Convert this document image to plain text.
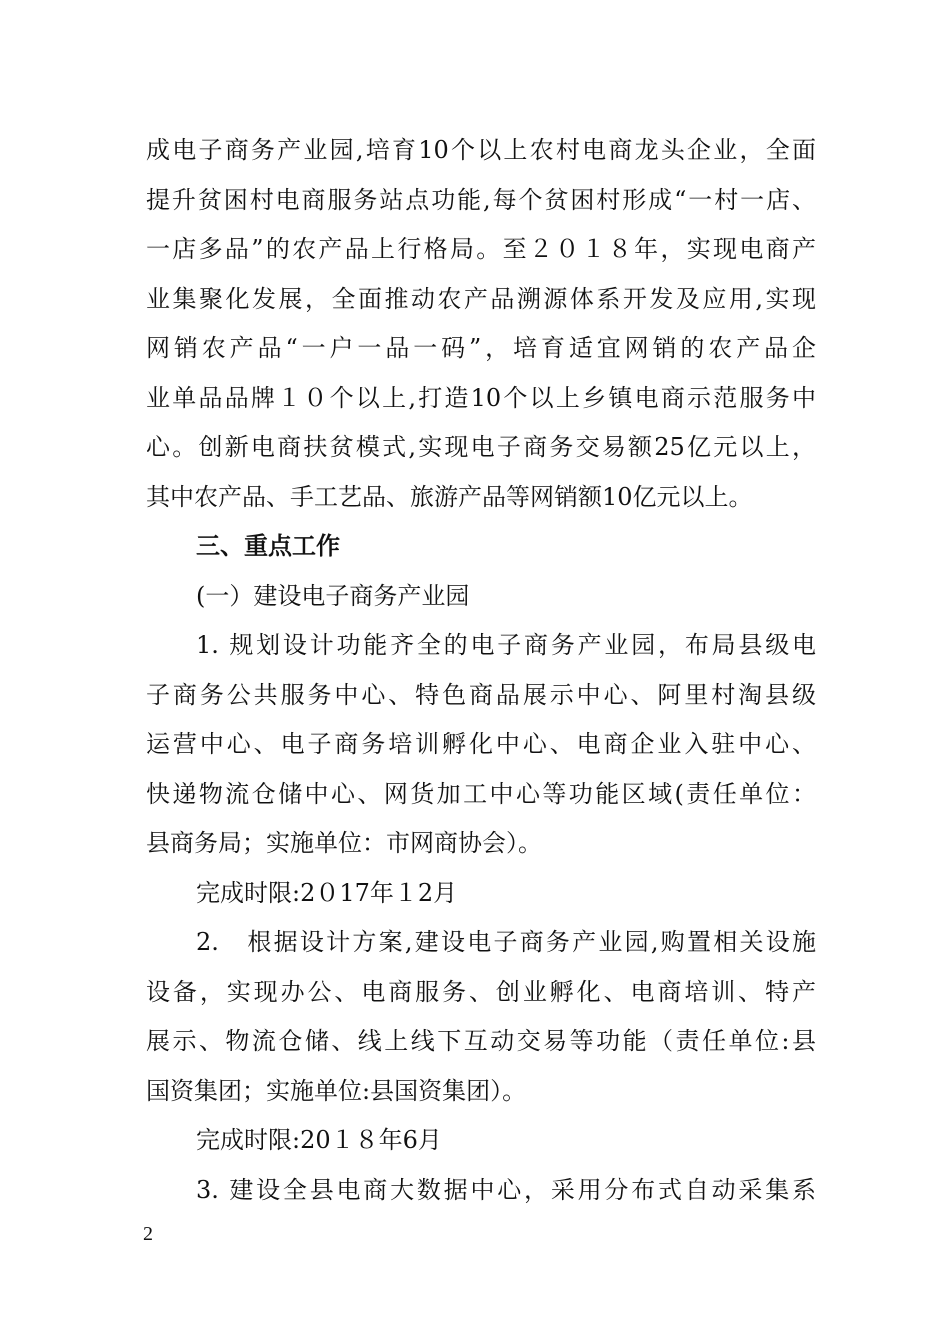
成电子商务产业园,培育10个以上农村电商龙头企业，全面
提升贫困村电商服务站点功能,每个贫困村形成“一村一店、
一店多品”的农产品上行格局。至２０１８年，实现电商产
业集聚化发展，全面推动农产品溯源体系开发及应用,实现
网销农产品“一户一品一码”，培育适宜网销的农产品企
业单品品牌１０个以上,打造10个以上乡镇电商示范服务中
心。创新电商扶贫模式,实现电子商务交易额25亿元以上，
其中农产品、手工艺品、旅游产品等网销额10亿元以上。
三、重点工作
(一）建设电子商务产业园
1. 规划设计功能齐全的电子商务产业园，布局县级电
子商务公共服务中心、特色商品展示中心、阿里村淘县级
运营中心、电子商务培训孵化中心、电商企业入驻中心、
快递物流仓储中心、网货加工中心等功能区域(责任单位：
县商务局；实施单位：市网商协会）。
完成时限:2０17年１2月
2.　根据设计方案,建设电子商务产业园,购置相关设施
设备，实现办公、电商服务、创业孵化、电商培训、特产
展示、物流仓储、线上线下互动交易等功能（责任单位:县
国资集团；实施单位:县国资集团）。
完成时限:20１８年6月
3. 建设全县电商大数据中心，采用分布式自动采集系
2
